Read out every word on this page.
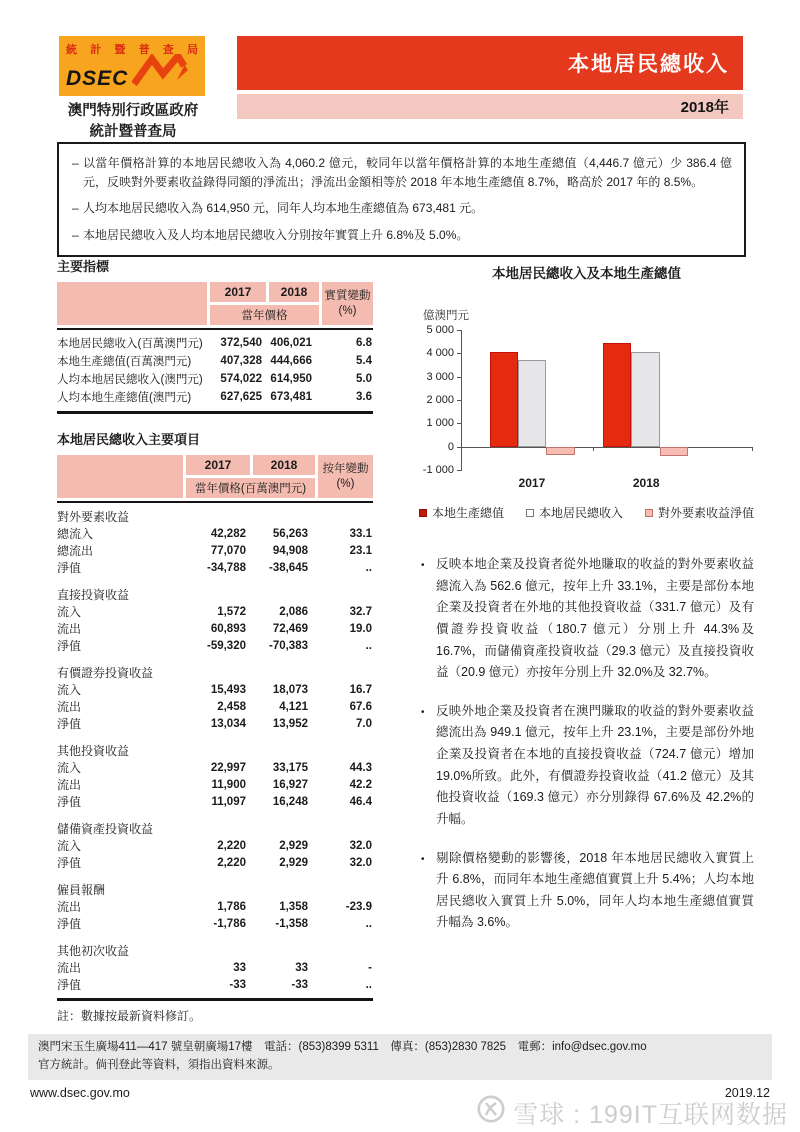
統 計 暨 普 查 局
DSEC
澳門特別行政區政府
統計暨普查局
本地居民總收入
2018年
– 以當年價格計算的本地居民總收入為 4,060.2 億元，較同年以當年價格計算的本地生產總值（4,446.7 億元）少 386.4 億元，反映對外要素收益錄得同額的淨流出；淨流出金額相等於 2018 年本地生產總值 8.7%，略高於 2017 年的 8.5%。
– 人均本地居民總收入為 614,950 元，同年人均本地生產總值為 673,481 元。
– 本地居民總收入及人均本地居民總收入分別按年實質上升 6.8%及 5.0%。
主要指標
2017	2018	實質變動
(%)
當年價格
本地居民總收入(百萬澳門元)	372,540 406,021	6.8
本地生產總值(百萬澳門元)	407,328 444,666	5.4
人均本地居民總收入(澳門元)	574,022 614,950	5.0
人均本地生產總值(澳門元)	627,625 673,481	3.6
本地居民總收入主要項目
2017	2018	按年變動
(%)
當年價格(百萬澳門元)
對外要素收益
總流入	42,282	56,263	33.1
總流出	77,070	94,908	23.1
淨值	-34,788	-38,645	..
直接投資收益
流入	1,572	2,086	32.7
流出	60,893	72,469	19.0
淨值	-59,320	-70,383	..
有價證券投資收益
流入	15,493	18,073	16.7
流出	2,458	4,121	67.6
淨值	13,034	13,952	7.0
其他投資收益
流入	22,997	33,175	44.3
流出	11,900	16,927	42.2
淨值	11,097	16,248	46.4
儲備資產投資收益
流入	2,220	2,929	32.0
淨值	2,220	2,929	32.0
僱員報酬
流出	1,786	1,358	-23.9
淨值	-1,786	-1,358	..
其他初次收益
流出	33	33	-
淨值	-33	-33	..
註：數據按最新資料修訂。
本地居民總收入及本地生產總值
億澳門元
5 000
4 000
3 000
2 000
1 000
0
-1 000
2017	2018
本地生產總值	本地居民總收入	對外要素收益淨值
• 反映本地企業及投資者從外地賺取的收益的對外要素收益總流入為 562.6 億元，按年上升 33.1%，主要是部份本地企業及投資者在外地的其他投資收益（331.7 億元）及有價證券投資收益（180.7 億元）分別上升 44.3%及 16.7%，而儲備資產投資收益（29.3 億元）及直接投資收益（20.9 億元）亦按年分別上升 32.0%及 32.7%。
• 反映外地企業及投資者在澳門賺取的收益的對外要素收益總流出為 949.1 億元，按年上升 23.1%，主要是部份外地企業及投資者在本地的直接投資收益（724.7 億元）增加 19.0%所致。此外，有價證券投資收益（41.2 億元）及其他投資收益（169.3 億元）亦分別錄得 67.6%及 42.2%的升幅。
• 剔除價格變動的影響後，2018 年本地居民總收入實質上升 6.8%，而同年本地生產總值實質上升 5.4%；人均本地居民總收入實質上升 5.0%，同年人均本地生產總值實質升幅為 3.6%。
澳門宋玉生廣場411—417 號皇朝廣場17樓　電話：(853)8399 5311　傳真：(853)2830 7825　電郵：info@dsec.gov.mo
官方統計。倘刊登此等資料，須指出資料來源。
www.dsec.gov.mo	2019.12
雪球 : 199IT互联网数据
